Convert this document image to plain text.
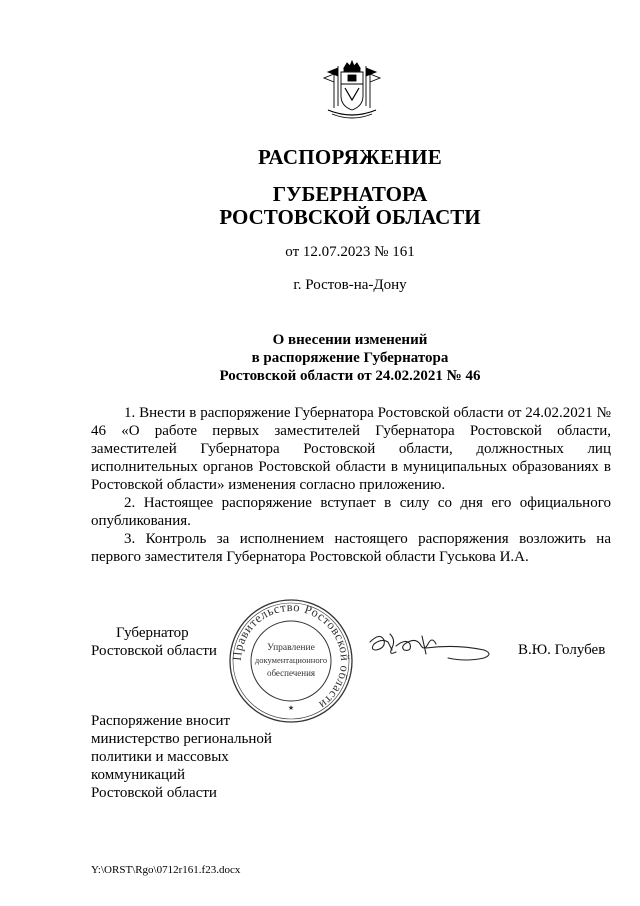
РАСПОРЯЖЕНИЕ
ГУБЕРНАТОРА
РОСТОВСКОЙ ОБЛАСТИ
от 12.07.2023 № 161
г. Ростов-на-Дону
О внесении изменений
в распоряжение Губернатора
Ростовской области от 24.02.2021 № 46

1. Внести в распоряжение Губернатора Ростовской области от 24.02.2021 № 46 «О работе первых заместителей Губернатора Ростовской области, заместителей Губернатора Ростовской области, должностных лиц исполнительных органов Ростовской области в муниципальных образованиях в Ростовской области» изменения согласно приложению.

2. Настоящее распоряжение вступает в силу со дня его официального опубликования.

3. Контроль за исполнением настоящего распоряжения возложить на первого заместителя Губернатора Ростовской области Гуськова И.А.

Губернатор
Ростовской области Правительство Ростовской области
Управление
документационного
обеспечения
★
В.Ю. Голубев
Распоряжение вносит
министерство региональной
политики и массовых
коммуникаций
Ростовской области
Y:\ORST\Rgo\0712r161.f23.docx
